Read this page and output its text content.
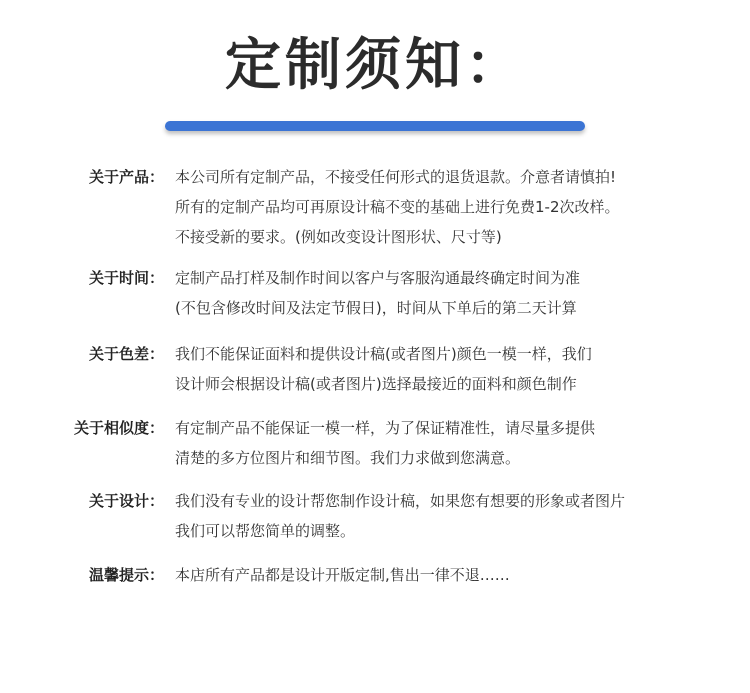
定制须知：
关于产品： 本公司所有定制产品，不接受任何形式的退货退款。介意者请慎拍!
所有的定制产品均可再原设计稿不变的基础上进行免费1-2次改样。
不接受新的要求。(例如改变设计图形状、尺寸等)
关于时间： 定制产品打样及制作时间以客户与客服沟通最终确定时间为准
(不包含修改时间及法定节假日)，时间从下单后的第二天计算
关于色差： 我们不能保证面料和提供设计稿(或者图片)颜色一模一样，我们
设计师会根据设计稿(或者图片)选择最接近的面料和颜色制作
关于相似度： 有定制产品不能保证一模一样，为了保证精准性，请尽量多提供
清楚的多方位图片和细节图。我们力求做到您满意。
关于设计： 我们没有专业的设计帮您制作设计稿，如果您有想要的形象或者图片
我们可以帮您简单的调整。
温馨提示： 本店所有产品都是设计开版定制,售出一律不退……
